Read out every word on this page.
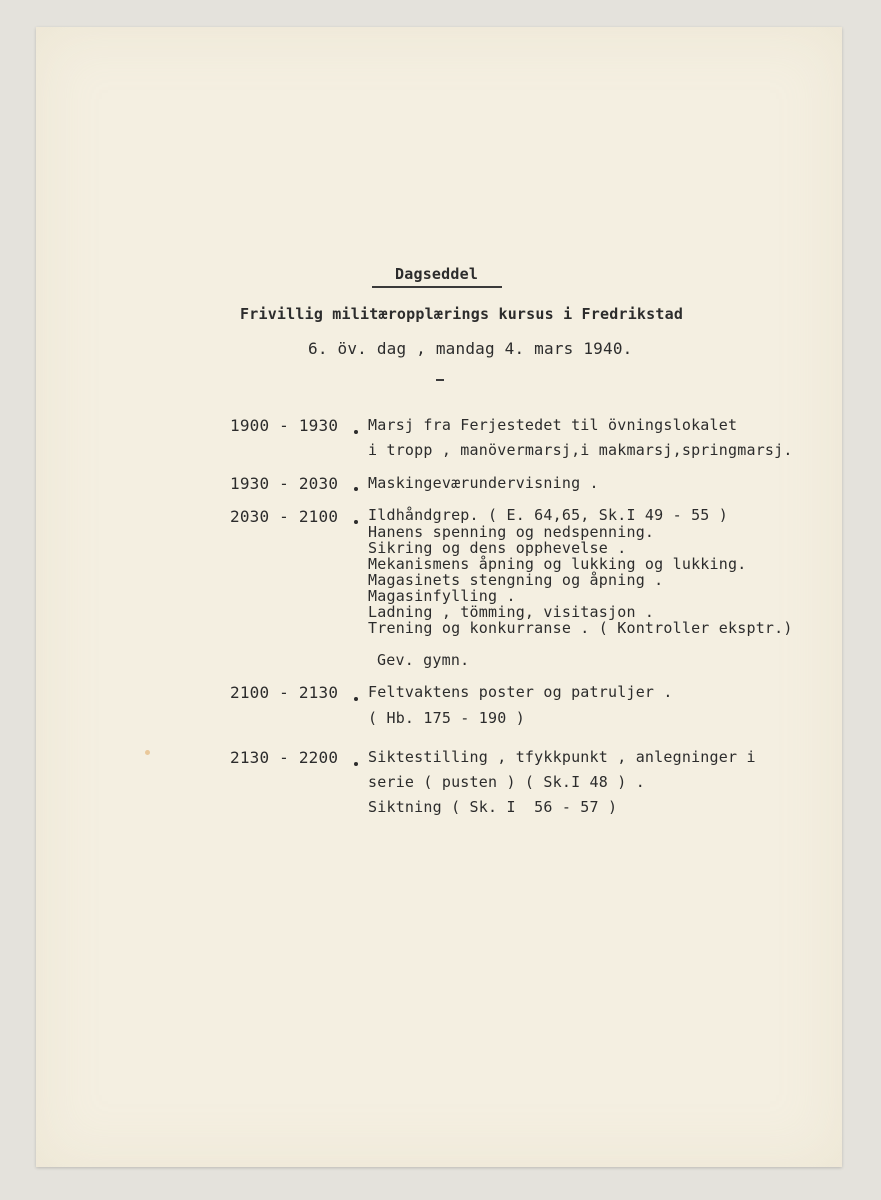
Dagseddel
Frivillig militæropplærings kursus i Fredrikstad
6. öv. dag , mandag 4. mars 1940.
1900 - 1930 Marsj fra Ferjestedet til övningslokalet
i tropp , manövermarsj,i makmarsj,springmarsj.
1930 - 2030 Maskingeværundervisning .
2030 - 2100 Ildhåndgrep. ( E. 64,65, Sk.I 49 - 55 )
Hanens spenning og nedspenning.
Sikring og dens opphevelse .
Mekanismens åpning og lukking og lukking.
Magasinets stengning og åpning .
Magasinfylling .
Ladning , tömming, visitasjon .
Trening og konkurranse . ( Kontroller eksptr.)
Gev. gymn.
2100 - 2130 Feltvaktens poster og patruljer .
( Hb. 175 - 190 )
2130 - 2200 Siktestilling , tfykkpunkt , anlegninger i
serie ( pusten ) ( Sk.I 48 ) .
Siktning ( Sk. I  56 - 57 )
